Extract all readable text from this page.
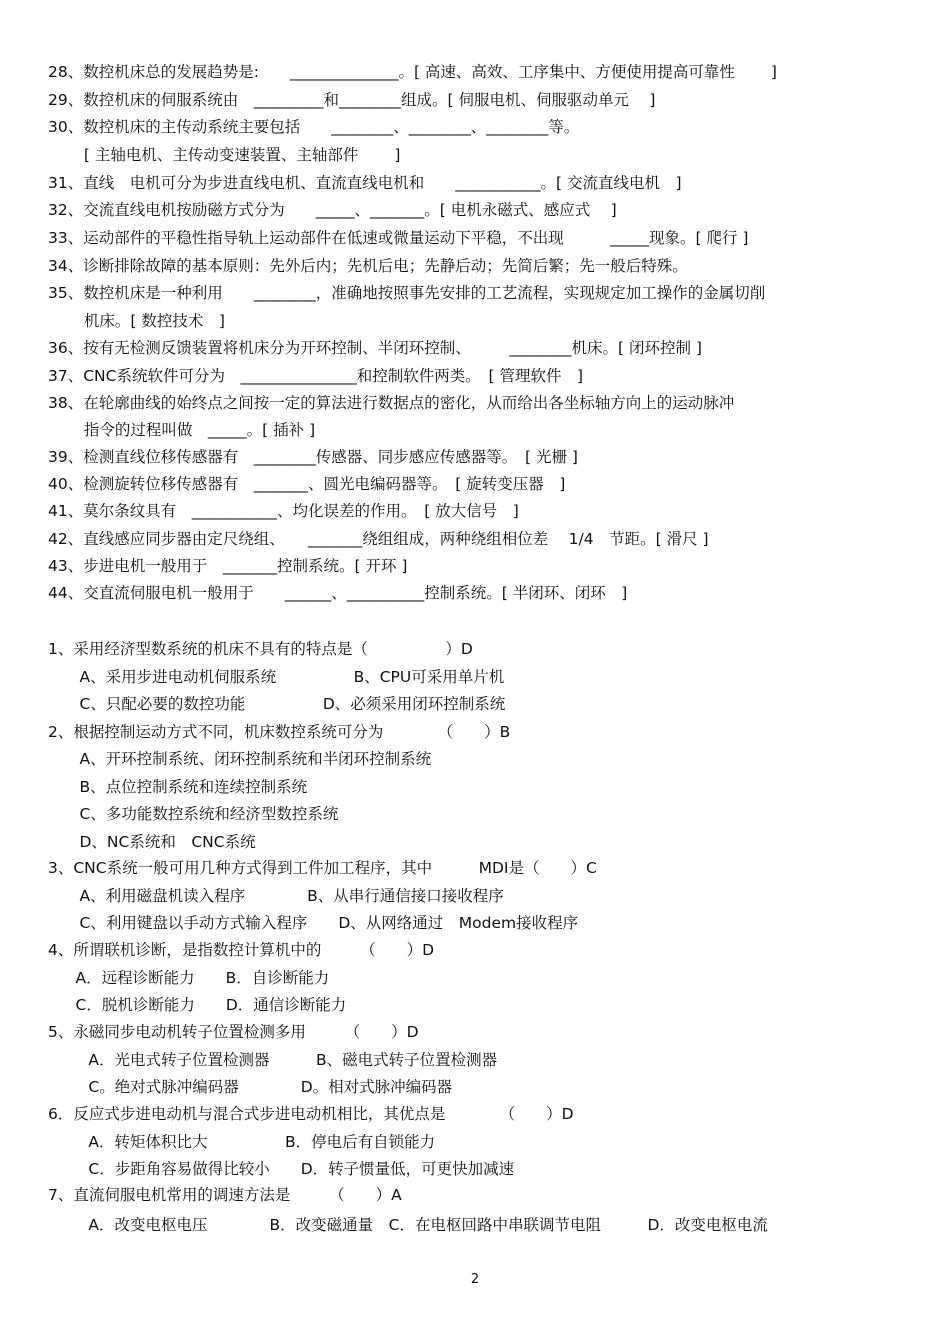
28、数控机床总的发展趋势是:　　______________。[ 高速、高效、工序集中、方便使用提高可靠性　　 ]
29、数控机床的伺服系统由　_________和________组成。[ 伺服电机、伺服驱动单元　 ]
30、数控机床的主传动系统主要包括　　________、________、________等。
　　 [ 主轴电机、主传动变速装置、主轴部件　　 ]
31、直线　电机可分为步进直线电机、直流直线电机和　　___________。[ 交流直线电机　]
32、交流直线电机按励磁方式分为　　_____、_______。[ 电机永磁式、感应式　 ]
33、运动部件的平稳性指导轨上运动部件在低速或微量运动下平稳，不出现　　　_____现象。[ 爬行 ]
34、诊断排除故障的基本原则：先外后内；先机后电；先静后动；先简后繁；先一般后特殊。
35、数控机床是一种利用　　________，准确地按照事先安排的工艺流程，实现规定加工操作的金属切削
　　 机床。[ 数控技术　]
36、按有无检测反馈装置将机床分为开环控制、半闭环控制、　　　________机床。[ 闭环控制 ]
37、CNC系统软件可分为　_______________和控制软件两类。　[ 管理软件　]
38、在轮廓曲线的始终点之间按一定的算法进行数据点的密化，从而给出各坐标轴方向上的运动脉冲
　　 指令的过程叫做　_____。[ 插补 ]
39、检测直线位移传感器有　________传感器、同步感应传感器等。　[ 光栅 ]
40、检测旋转位移传感器有　_______、圆光电编码器等。　[ 旋转变压器　]
41、莫尔条纹具有　___________、均化误差的作用。　[ 放大信号　]
42、直线感应同步器由定尺绕组、　　_______绕组组成，两种绕组相位差　 1/4　节距。[ 滑尺 ]
43、步进电机一般用于　_______控制系统。[ 开环 ]
44、交直流伺服电机一般用于　　______、__________控制系统。[ 半闭环、闭环　]
1、采用经济型数系统的机床不具有的特点是（　　　　　）D
　A、采用步进电动机伺服系统　　　　　B、CPU可采用单片机
　C、只配必要的数控功能　　　　　D、必须采用闭环控制系统
2、根据控制运动方式不同，机床数控系统可分为　　　　（　　）B
　A、开环控制系统、闭环控制系统和半闭环控制系统
　B、点位控制系统和连续控制系统
　C、多功能数控系统和经济型数控系统
　D、NC系统和　CNC系统
3、CNC系统一般可用几种方式得到工件加工程序，其中　　　MDI是（　　）C
　A、利用磁盘机读入程序　　　　B、从串行通信接口接收程序
　C、利用键盘以手动方式输入程序　　D、从网络通过　Modem接收程序
4、所谓联机诊断，是指数控计算机中的　　　（　　）D
　A．远程诊断能力　　B．自诊断能力
　C．脱机诊断能力　　D．通信诊断能力
5、永磁同步电动机转子位置检测多用　　　（　　）D
　 A．光电式转子位置检测器　　　B、磁电式转子位置检测器
　 C。绝对式脉冲编码器　　　　D。相对式脉冲编码器
6．反应式步进电动机与混合式步进电动机相比，其优点是　　　　（　　）D
　 A．转矩体积比大　　　　　B．停电后有自锁能力
　 C．步距角容易做得比较小　　D．转子惯量低，可更快加减速
7、直流伺服电机常用的调速方法是　　　（　　）A
　 A．改变电枢电压　　　　B．改变磁通量　C．在电枢回路中串联调节电阻　　　D．改变电枢电流
2
